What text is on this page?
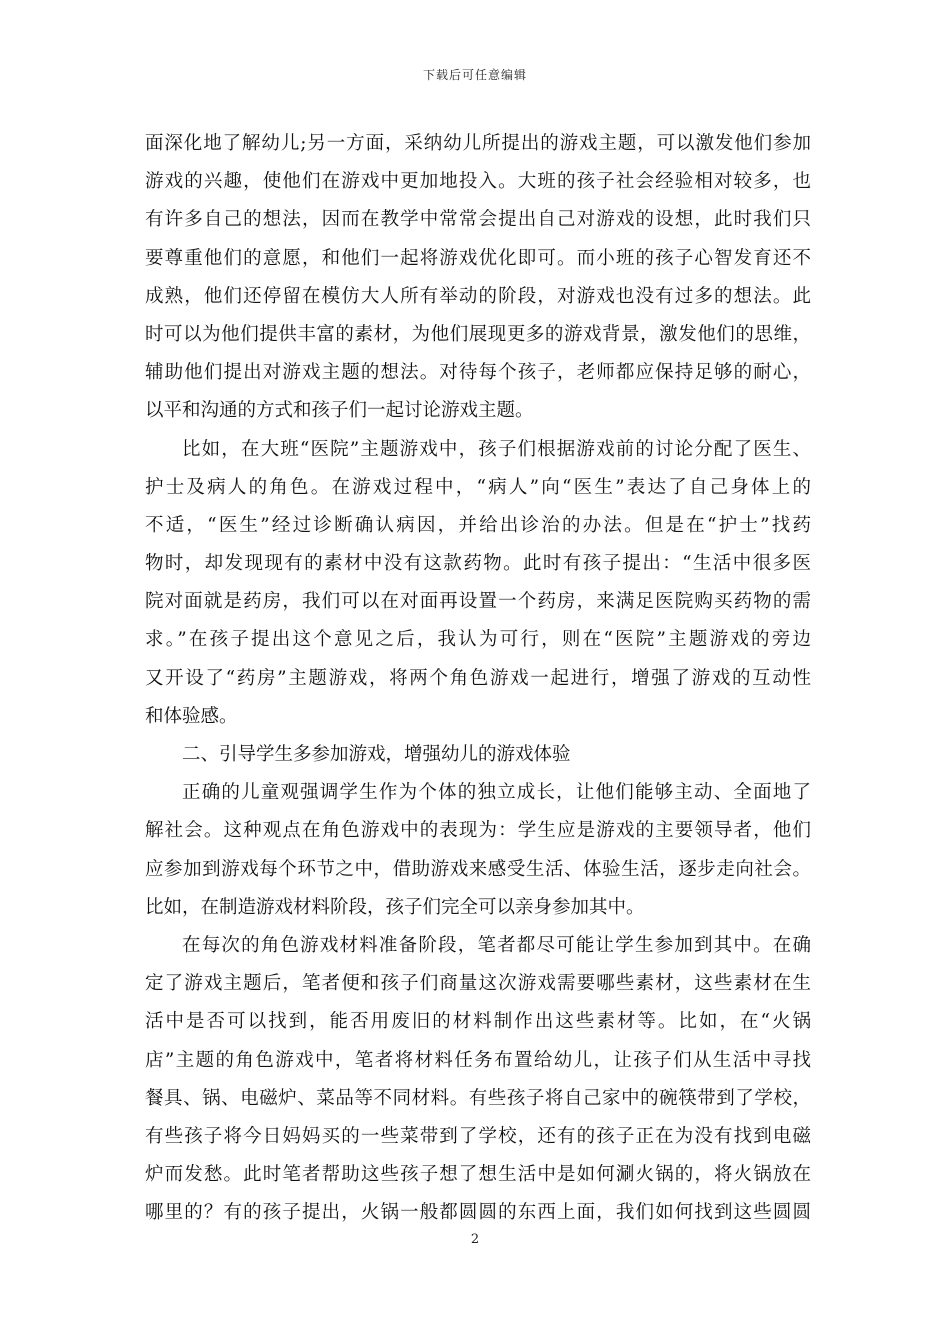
下载后可任意编辑
面深化地了解幼儿;另一方面，采纳幼儿所提出的游戏主题，可以激发他们参加
游戏的兴趣，使他们在游戏中更加地投入。大班的孩子社会经验相对较多，也
有许多自己的想法，因而在教学中常常会提出自己对游戏的设想，此时我们只
要尊重他们的意愿，和他们一起将游戏优化即可。而小班的孩子心智发育还不
成熟，他们还停留在模仿大人所有举动的阶段，对游戏也没有过多的想法。此
时可以为他们提供丰富的素材，为他们展现更多的游戏背景，激发他们的思维，
辅助他们提出对游戏主题的想法。对待每个孩子，老师都应保持足够的耐心，
以平和沟通的方式和孩子们一起讨论游戏主题。
比如，在大班“医院”主题游戏中，孩子们根据游戏前的讨论分配了医生、
护士及病人的角色。在游戏过程中，“病人”向“医生”表达了自己身体上的
不适，“医生”经过诊断确认病因，并给出诊治的办法。但是在“护士”找药
物时，却发现现有的素材中没有这款药物。此时有孩子提出：“生活中很多医
院对面就是药房，我们可以在对面再设置一个药房，来满足医院购买药物的需
求。”在孩子提出这个意见之后，我认为可行，则在“医院”主题游戏的旁边
又开设了“药房”主题游戏，将两个角色游戏一起进行，增强了游戏的互动性
和体验感。
二、引导学生多参加游戏，增强幼儿的游戏体验
正确的儿童观强调学生作为个体的独立成长，让他们能够主动、全面地了
解社会。这种观点在角色游戏中的表现为：学生应是游戏的主要领导者，他们
应参加到游戏每个环节之中，借助游戏来感受生活、体验生活，逐步走向社会。
比如，在制造游戏材料阶段，孩子们完全可以亲身参加其中。
在每次的角色游戏材料准备阶段，笔者都尽可能让学生参加到其中。在确
定了游戏主题后，笔者便和孩子们商量这次游戏需要哪些素材，这些素材在生
活中是否可以找到，能否用废旧的材料制作出这些素材等。比如，在“火锅
店”主题的角色游戏中，笔者将材料任务布置给幼儿，让孩子们从生活中寻找
餐具、锅、电磁炉、菜品等不同材料。有些孩子将自己家中的碗筷带到了学校，
有些孩子将今日妈妈买的一些菜带到了学校，还有的孩子正在为没有找到电磁
炉而发愁。此时笔者帮助这些孩子想了想生活中是如何涮火锅的，将火锅放在
哪里的？有的孩子提出，火锅一般都圆圆的东西上面，我们如何找到这些圆圆
2
